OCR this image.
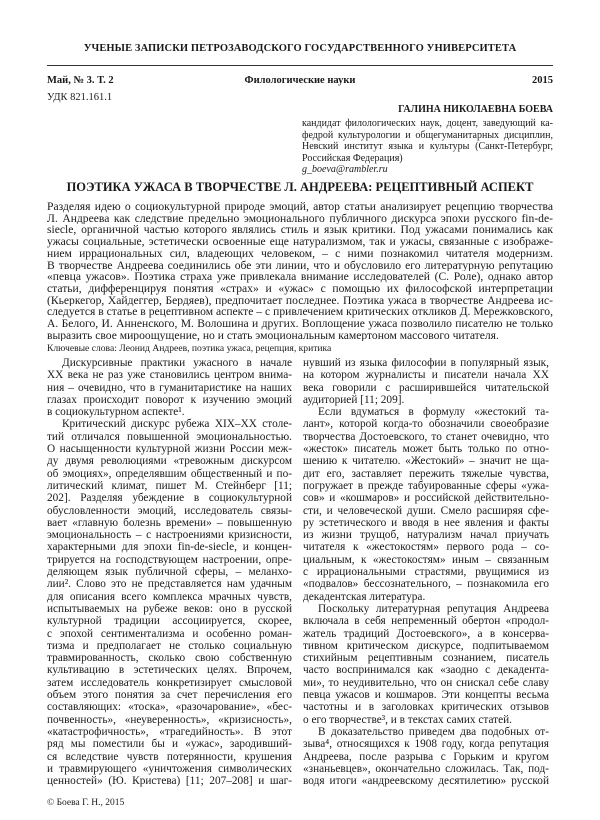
УЧЕНЫЕ ЗАПИСКИ ПЕТРОЗАВОДСКОГО ГОСУДАРСТВЕННОГО УНИВЕРСИТЕТА
Май, № 3. Т. 2	Филологические науки	2015
УДК 821.161.1
ГАЛИНА НИКОЛАЕВНА БОЕВА
кандидат филологических наук, доцент, заведующий ка-
федрой культурологии и общегуманитарных дисциплин,
Невский институт языка и культуры (Санкт-Петербург,
Российская Федерация)
g_boeva@rambler.ru
ПОЭТИКА УЖАСА В ТВОРЧЕСТВЕ Л. АНДРЕЕВА: РЕЦЕПТИВНЫЙ АСПЕКТ
Разделяя идею о социокультурной природе эмоций, автор статьи анализирует рецепцию творчества
Л. Андреева как следствие предельно эмоционального публичного дискурса эпохи русского fin-de-
siecle, органичной частью которого являлись стиль и язык критики. Под ужасами понимались как
ужасы социальные, эстетически освоенные еще натурализмом, так и ужасы, связанные с изображе-
нием иррациональных сил, владеющих человеком, – с ними познакомил читателя модернизм.
В творчестве Андреева соединились обе эти линии, что и обусловило его литературную репутацию
«певца ужасов». Поэтика страха уже привлекала внимание исследователей (С. Роле), однако автор
статьи, дифференцируя понятия «страх» и «ужас» с помощью их философской интерпретации
(Кьеркегор, Хайдеггер, Бердяев), предпочитает последнее. Поэтика ужаса в творчестве Андреева ис-
следуется в статье в рецептивном аспекте – с привлечением критических откликов Д. Мережковского,
А. Белого, И. Анненского, М. Волошина и других. Воплощение ужаса позволило писателю не только
выразить свое мироощущение, но и стать эмоциональным камертоном массового читателя.
Ключевые слова: Леонид Андреев, поэтика ужаса, рецепция, критика
Дискурсивные практики ужасного в начале
XX века не раз уже становились центром внима-
ния – очевидно, что в гуманитаристике на наших
глазах происходит поворот к изучению эмоций
в социокультурном аспекте¹.
Критический дискурс рубежа XIX–XX столе-
тий отличался повышенной эмоциональностью.
О насыщенности культурной жизни России меж-
ду двумя революциями «тревожным дискурсом
об эмоциях», определявшим общественный и по-
литический климат, пишет М. Стейнберг [11;
202]. Разделяя убеждение в социокультурной
обусловленности эмоций, исследователь связы-
вает «главную болезнь времени» – повышенную
эмоциональность – с настроениями кризисности,
характерными для эпохи fin-de-siecle, и концен-
трируется на господствующем настроении, опре-
деляющем язык публичной сферы, – меланхо-
лии². Слово это не представляется нам удачным
для описания всего комплекса мрачных чувств,
испытываемых на рубеже веков: оно в русской
культурной традиции ассоциируется, скорее,
с эпохой сентиментализма и особенно роман-
тизма и предполагает не столько социальную
травмированность, сколько свою собственную
культивацию в эстетических целях. Впрочем,
затем исследователь конкретизирует смысловой
объем этого понятия за счет перечисления его
составляющих: «тоска», «разочарование», «бес-
почвенность», «неуверенность», «кризисность»,
«катастрофичность», «трагедийность». В этот
ряд мы поместили бы и «ужас», зародивший-
ся вследствие чувств потерянности, крушения
и травмирующего «уничтожения символических
ценностей» (Ю. Кристева) [11; 207–208] и шаг-
нувший из языка философии в популярный язык,
на котором журналисты и писатели начала XX
века говорили с расширившейся читательской
аудиторией [11; 209].
Если вдуматься в формулу «жестокий та-
лант», которой когда-то обозначили своеобразие
творчества Достоевского, то станет очевидно, что
«жесток» писатель может быть только по отно-
шению к читателю. «Жестокий» – значит не ща-
дит его, заставляет пережить тяжелые чувства,
погружает в прежде табуированные сферы «ужа-
сов» и «кошмаров» и российской действительно-
сти, и человеческой души. Смело расширяя сфе-
ру эстетического и вводя в нее явления и факты
из жизни трущоб, натурализм начал приучать
читателя к «жестокостям» первого рода – со-
циальным, к «жестокостям» иным – связанным
с иррациональными страстями, рвущимися из
«подвалов» бессознательного, – познакомила его
декадентская литература.
Поскольку литературная репутация Андреева
включала в себя непременный обертон «продол-
жатель традиций Достоевского», а в консерва-
тивном критическом дискурсе, подпитываемом
стихийным рецептивным сознанием, писатель
часто воспринимался как «заодно с декадента-
ми», то неудивительно, что он снискал себе славу
певца ужасов и кошмаров. Эти концепты весьма
частотны и в заголовках критических отзывов
о его творчестве³, и в текстах самих статей.
В доказательство приведем два подобных от-
зыва⁴, относящихся к 1908 году, когда репутация
Андреева, после разрыва с Горьким и кругом
«знаньевцев», окончательно сложилась. Так, под-
водя итоги «андреевскому десятилетию» русской
© Боева Г. Н., 2015
